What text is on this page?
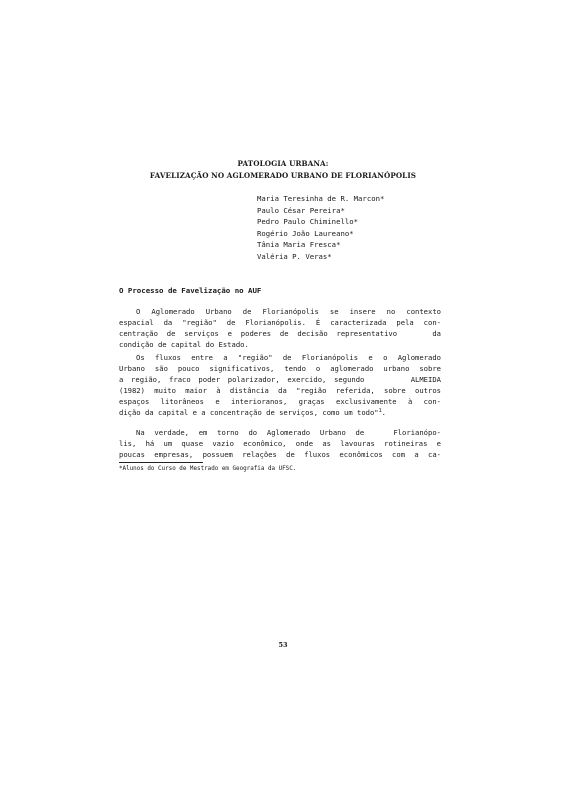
PATOLOGIA URBANA:
FAVELIZAÇÃO NO AGLOMERADO URBANO DE FLORIANÓPOLIS
Maria Teresinha de R. Marcon*
Paulo César Pereira*
Pedro Paulo Chiminello*
Rogério João Laureano*
Tânia Maria Fresca*
Valéria P. Veras*
O Processo de Favelização no AUF
O Aglomerado Urbano de Florianópolis se insere no contexto
espacial da "região" de Florianópolis. É caracterizada pela con-
centração de serviços e poderes de decisão representativo    da
condição de capital do Estado.
Os fluxos entre a "região" de Florianópolis e o Aglomerado
Urbano são pouco significativos, tendo o aglomerado urbano sobre
a região, fraco poder polarizador, exercido, segundo      ALMEIDA
(1982) muito maior à distância da "região referida, sobre outros
espaços litorâneos e interioranos, graças exclusivamente à con-
dição da capital e a concentração de serviços, como um todo"$^1$.
Na verdade, em torno do Aglomerado Urbano de   Florianópo-
lis, há um quase vazio econômico, onde as lavouras rotineiras e
poucas empresas, possuem relações de fluxos econômicos com a ca-
*Alunos do Curso de Mestrado em Geografia da UFSC.
53
